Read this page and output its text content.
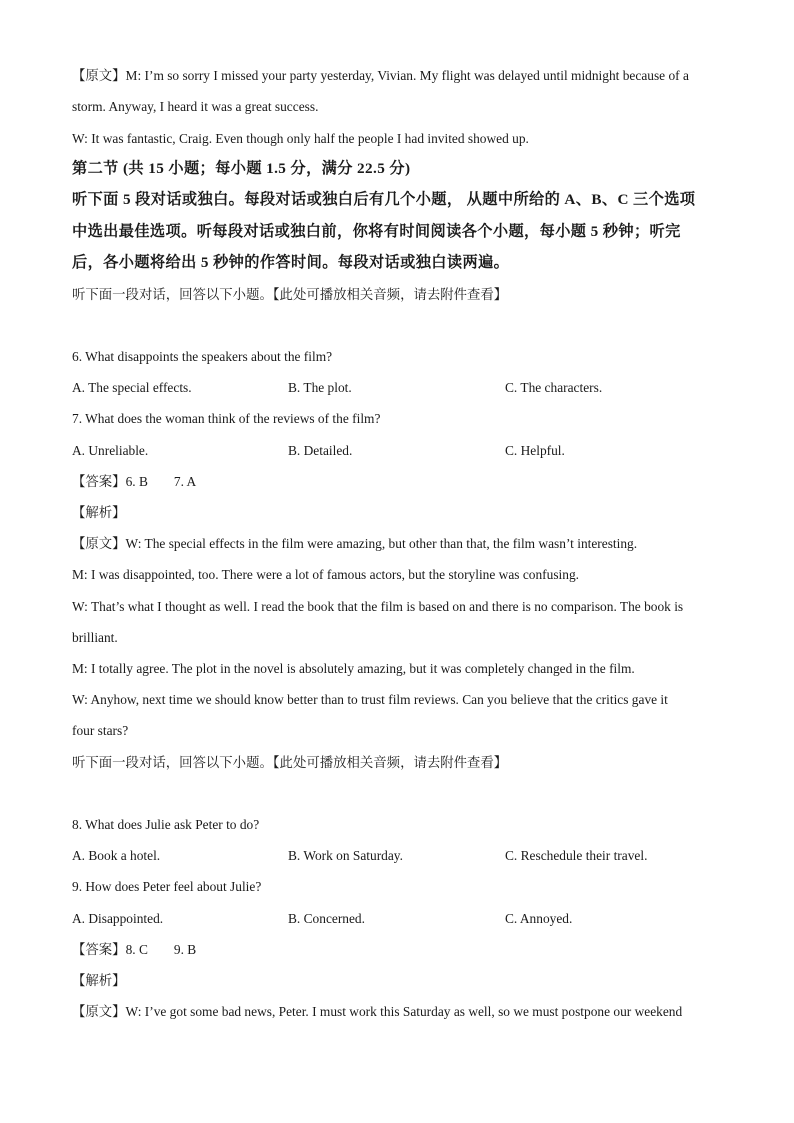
【原文】M: I’m so sorry I missed your party yesterday, Vivian. My flight was delayed until midnight because of a
storm. Anyway, I heard it was a great success.
W: It was fantastic, Craig. Even though only half the people I had invited showed up.
第二节 (共 15 小题；每小题 1.5 分，满分 22.5 分)
听下面 5 段对话或独白。每段对话或独白后有几个小题， 从题中所给的 A、B、C 三个选项
中选出最佳选项。听每段对话或独白前，你将有时间阅读各个小题，每小题 5 秒钟；听完
后，各小题将给出 5 秒钟的作答时间。每段对话或独白读两遍。
听下面一段对话，回答以下小题。【此处可播放相关音频，请去附件查看】
6. What disappoints the speakers about the film?
A. The special effects.	B. The plot.	C. The characters.
7. What does the woman think of the reviews of the film?
A. Unreliable.	B. Detailed.	C. Helpful.
【答案】6. B 7. A
【解析】
【原文】W: The special effects in the film were amazing, but other than that, the film wasn’t interesting.
M: I was disappointed, too. There were a lot of famous actors, but the storyline was confusing.
W: That’s what I thought as well. I read the book that the film is based on and there is no comparison. The book is
brilliant.
M: I totally agree. The plot in the novel is absolutely amazing, but it was completely changed in the film.
W: Anyhow, next time we should know better than to trust film reviews. Can you believe that the critics gave it
four stars?
听下面一段对话，回答以下小题。【此处可播放相关音频，请去附件查看】
8. What does Julie ask Peter to do?
A. Book a hotel.	B. Work on Saturday.	C. Reschedule their travel.
9. How does Peter feel about Julie?
A. Disappointed.	B. Concerned.	C. Annoyed.
【答案】8. C 9. B
【解析】
【原文】W: I’ve got some bad news, Peter. I must work this Saturday as well, so we must postpone our weekend
